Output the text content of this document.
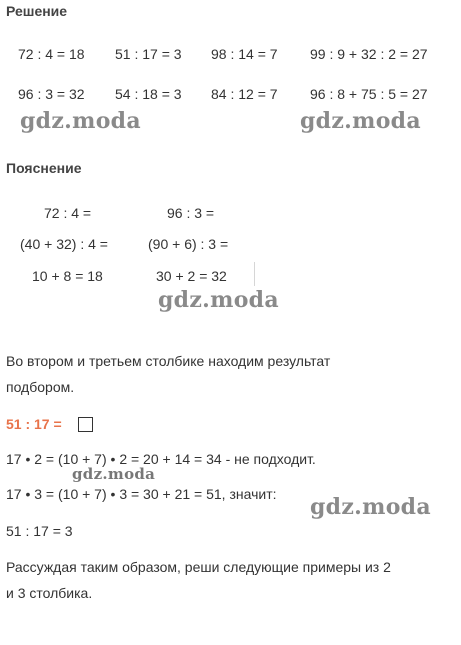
Решение
72 : 4 = 18 51 : 17 = 3 98 : 14 = 7 99 : 9 + 32 : 2 = 27
96 : 3 = 32 54 : 18 = 3 84 : 12 = 7 96 : 8 + 75 : 5 = 27
gdz.moda	gdz.moda
Пояснение
72 : 4 =
(40 + 32) : 4 =
10 + 8 = 18
96 : 3 =
(90 + 6) : 3 =
30 + 2 = 32
gdz.moda
Во втором и третьем столбике находим результат
подбором.
51 : 17 =
17 • 2 = (10 + 7) • 2 = 20 + 14 = 34 - не подходит.
gdz.moda
17 • 3 = (10 + 7) • 3 = 30 + 21 = 51, значит: gdz.moda
51 : 17 = 3
Рассуждая таким образом, реши следующие примеры из 2
и 3 столбика.
